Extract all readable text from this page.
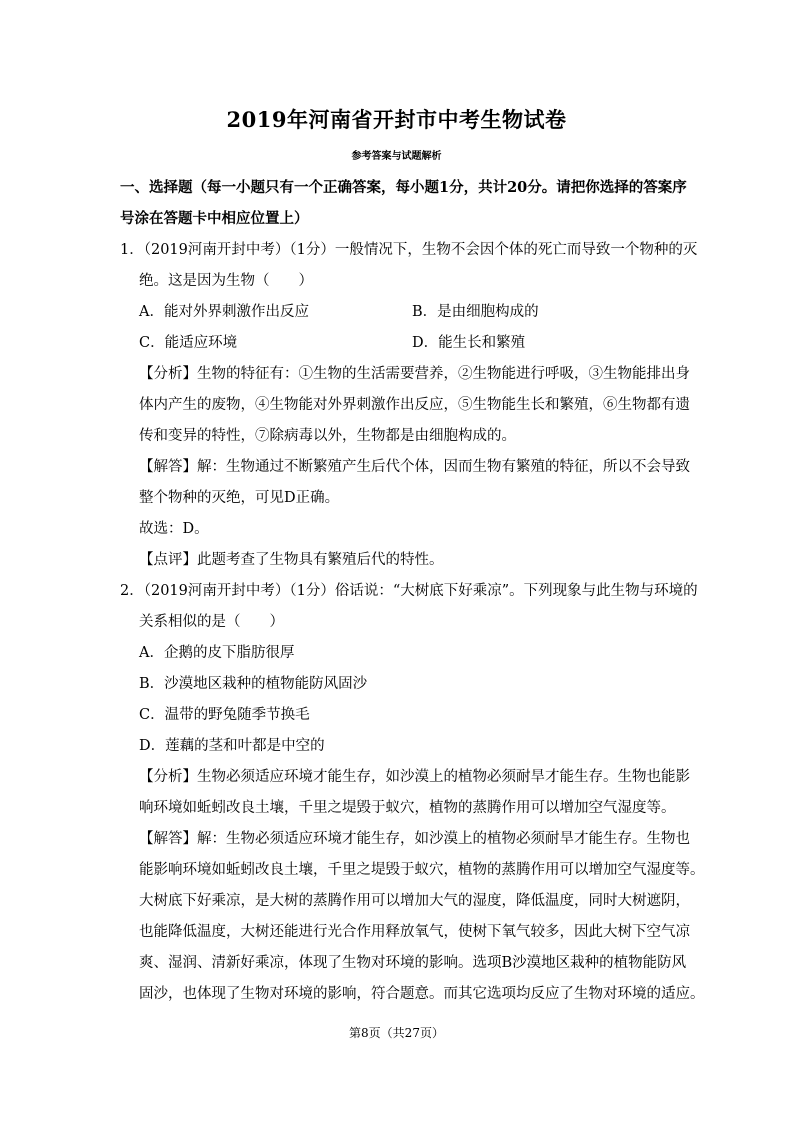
2019年河南省开封市中考生物试卷
参考答案与试题解析
一、选择题（每一小题只有一个正确答案，每小题1分，共计20分。请把你选择的答案序
号涂在答题卡中相应位置上）
1．（2019河南开封中考）（1分）一般情况下，生物不会因个体的死亡而导致一个物种的灭
绝。这是因为生物（　　）
A．能对外界刺激作出反应	B．是由细胞构成的
C．能适应环境	D．能生长和繁殖
【分析】生物的特征有：①生物的生活需要营养，②生物能进行呼吸，③生物能排出身
体内产生的废物，④生物能对外界刺激作出反应，⑤生物能生长和繁殖，⑥生物都有遗
传和变异的特性，⑦除病毒以外，生物都是由细胞构成的。
【解答】解：生物通过不断繁殖产生后代个体，因而生物有繁殖的特征，所以不会导致
整个物种的灭绝，可见D正确。
故选：D。
【点评】此题考查了生物具有繁殖后代的特性。
2．（2019河南开封中考）（1分）俗话说：“大树底下好乘凉”。下列现象与此生物与环境的
关系相似的是（　　）
A．企鹅的皮下脂肪很厚
B．沙漠地区栽种的植物能防风固沙
C．温带的野兔随季节换毛
D．莲藕的茎和叶都是中空的
【分析】生物必须适应环境才能生存，如沙漠上的植物必须耐旱才能生存。生物也能影
响环境如蚯蚓改良土壤，千里之堤毁于蚁穴，植物的蒸腾作用可以增加空气湿度等。
【解答】解：生物必须适应环境才能生存，如沙漠上的植物必须耐旱才能生存。生物也
能影响环境如蚯蚓改良土壤，千里之堤毁于蚁穴，植物的蒸腾作用可以增加空气湿度等。
大树底下好乘凉，是大树的蒸腾作用可以增加大气的湿度，降低温度，同时大树遮阴，
也能降低温度，大树还能进行光合作用释放氧气，使树下氧气较多，因此大树下空气凉
爽、湿润、清新好乘凉，体现了生物对环境的影响。选项B沙漠地区栽种的植物能防风
固沙，也体现了生物对环境的影响，符合题意。而其它选项均反应了生物对环境的适应。
第8页（共27页）
